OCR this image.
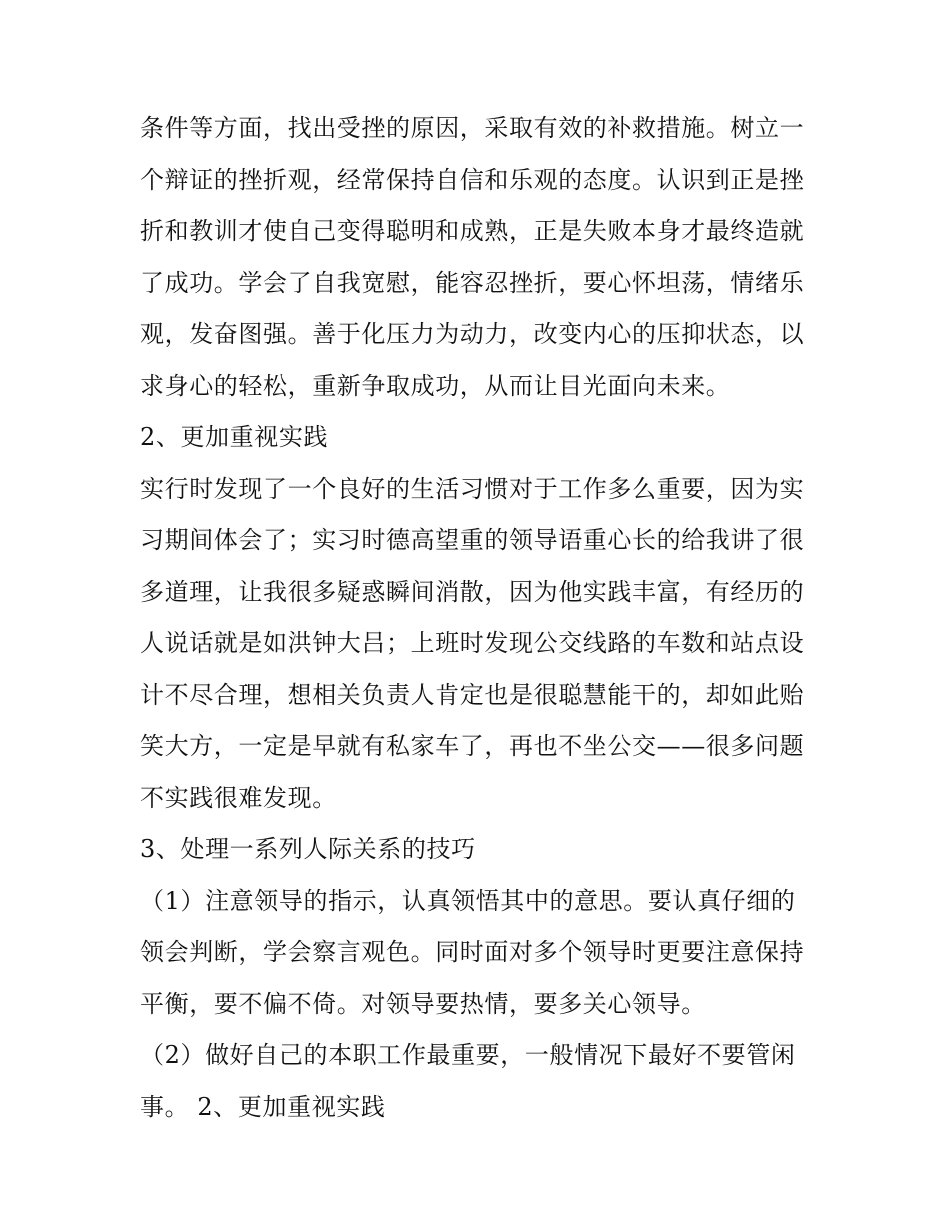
条件等方面，找出受挫的原因，采取有效的补救措施。树立一
个辩证的挫折观，经常保持自信和乐观的态度。认识到正是挫
折和教训才使自己变得聪明和成熟，正是失败本身才最终造就
了成功。学会了自我宽慰，能容忍挫折，要心怀坦荡，情绪乐
观，发奋图强。善于化压力为动力，改变内心的压抑状态，以
求身心的轻松，重新争取成功，从而让目光面向未来。
2、更加重视实践
实行时发现了一个良好的生活习惯对于工作多么重要，因为实
习期间体会了；实习时德高望重的领导语重心长的给我讲了很
多道理，让我很多疑惑瞬间消散，因为他实践丰富，有经历的
人说话就是如洪钟大吕；上班时发现公交线路的车数和站点设
计不尽合理，想相关负责人肯定也是很聪慧能干的，却如此贻
笑大方，一定是早就有私家车了，再也不坐公交——很多问题
不实践很难发现。
3、处理一系列人际关系的技巧
（1）注意领导的指示，认真领悟其中的意思。要认真仔细的
领会判断，学会察言观色。同时面对多个领导时更要注意保持
平衡，要不偏不倚。对领导要热情，要多关心领导。
（2）做好自己的本职工作最重要，一般情况下最好不要管闲
事。 2、更加重视实践
